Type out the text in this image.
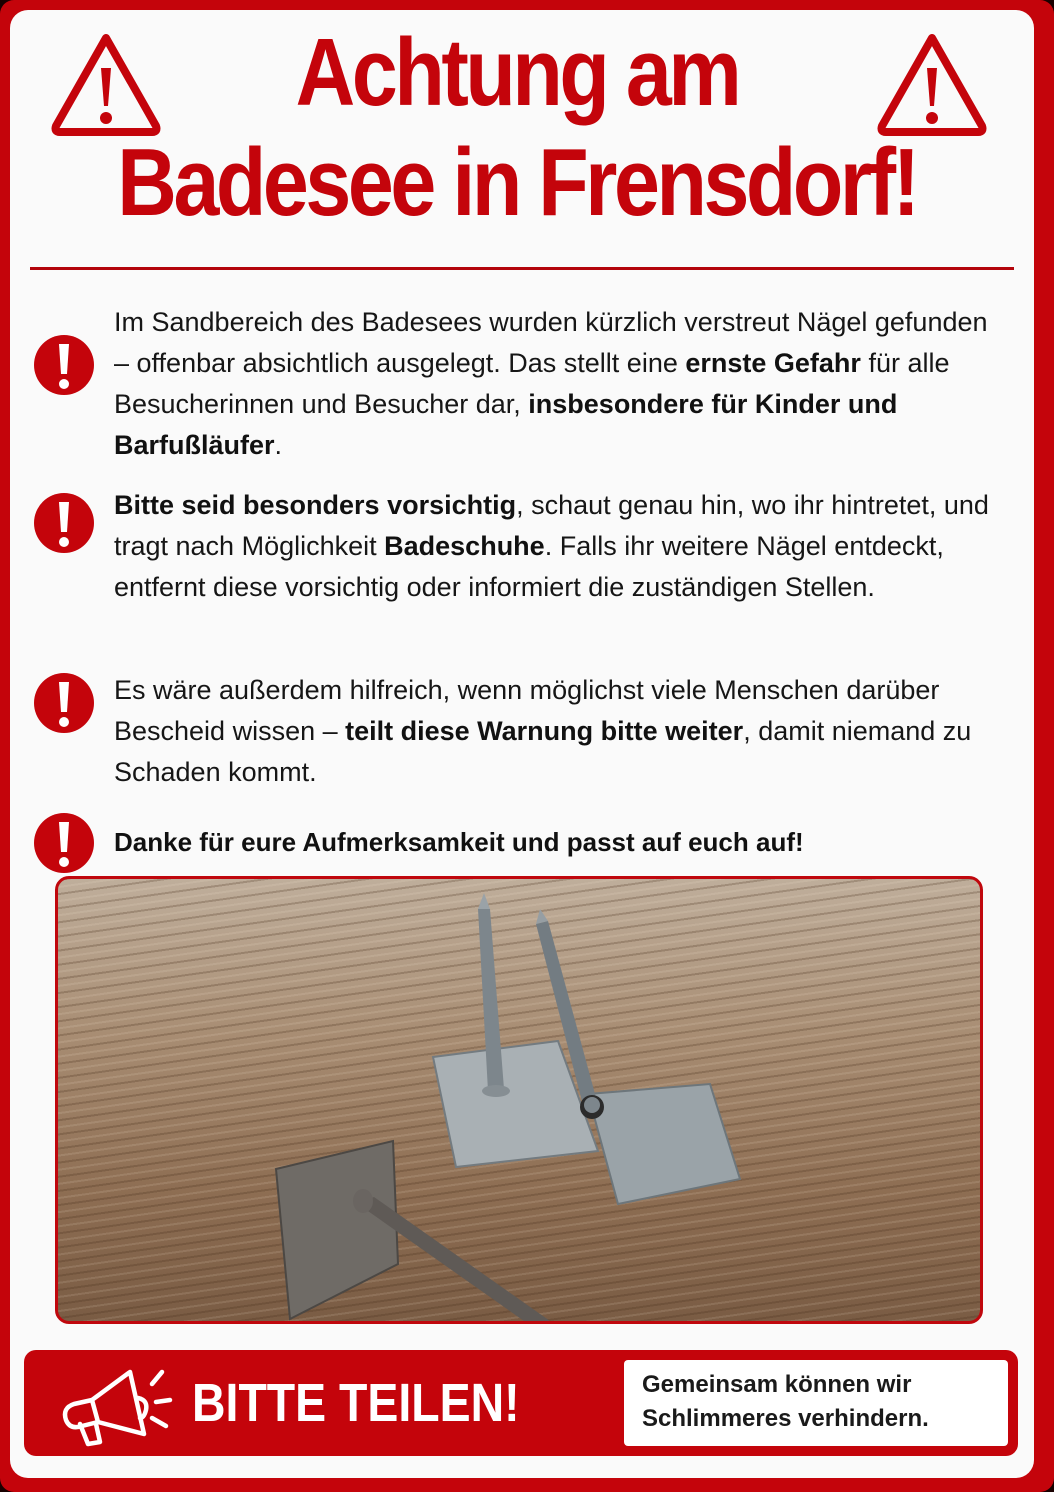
Achtung am
Badesee in Frensdorf!
Im Sandbereich des Badesees wurden kürzlich verstreut Nägel gefunden – offenbar absichtlich ausgelegt. Das stellt eine ernste Gefahr für alle Besucherinnen und Besucher dar, insbesondere für Kinder und Barfußläufer.
Bitte seid besonders vorsichtig, schaut genau hin, wo ihr hintretet, und tragt nach Möglichkeit Badeschuhe. Falls ihr weitere Nägel entdeckt, entfernt diese vorsichtig oder informiert die zuständigen Stellen.
Es wäre außerdem hilfreich, wenn möglichst viele Menschen darüber Bescheid wissen – teilt diese Warnung bitte weiter, damit niemand zu Schaden kommt.
Danke für eure Aufmerksamkeit und passt auf euch auf!
BITTE TEILEN!	Gemeinsam können wir
Schlimmeres verhindern.
